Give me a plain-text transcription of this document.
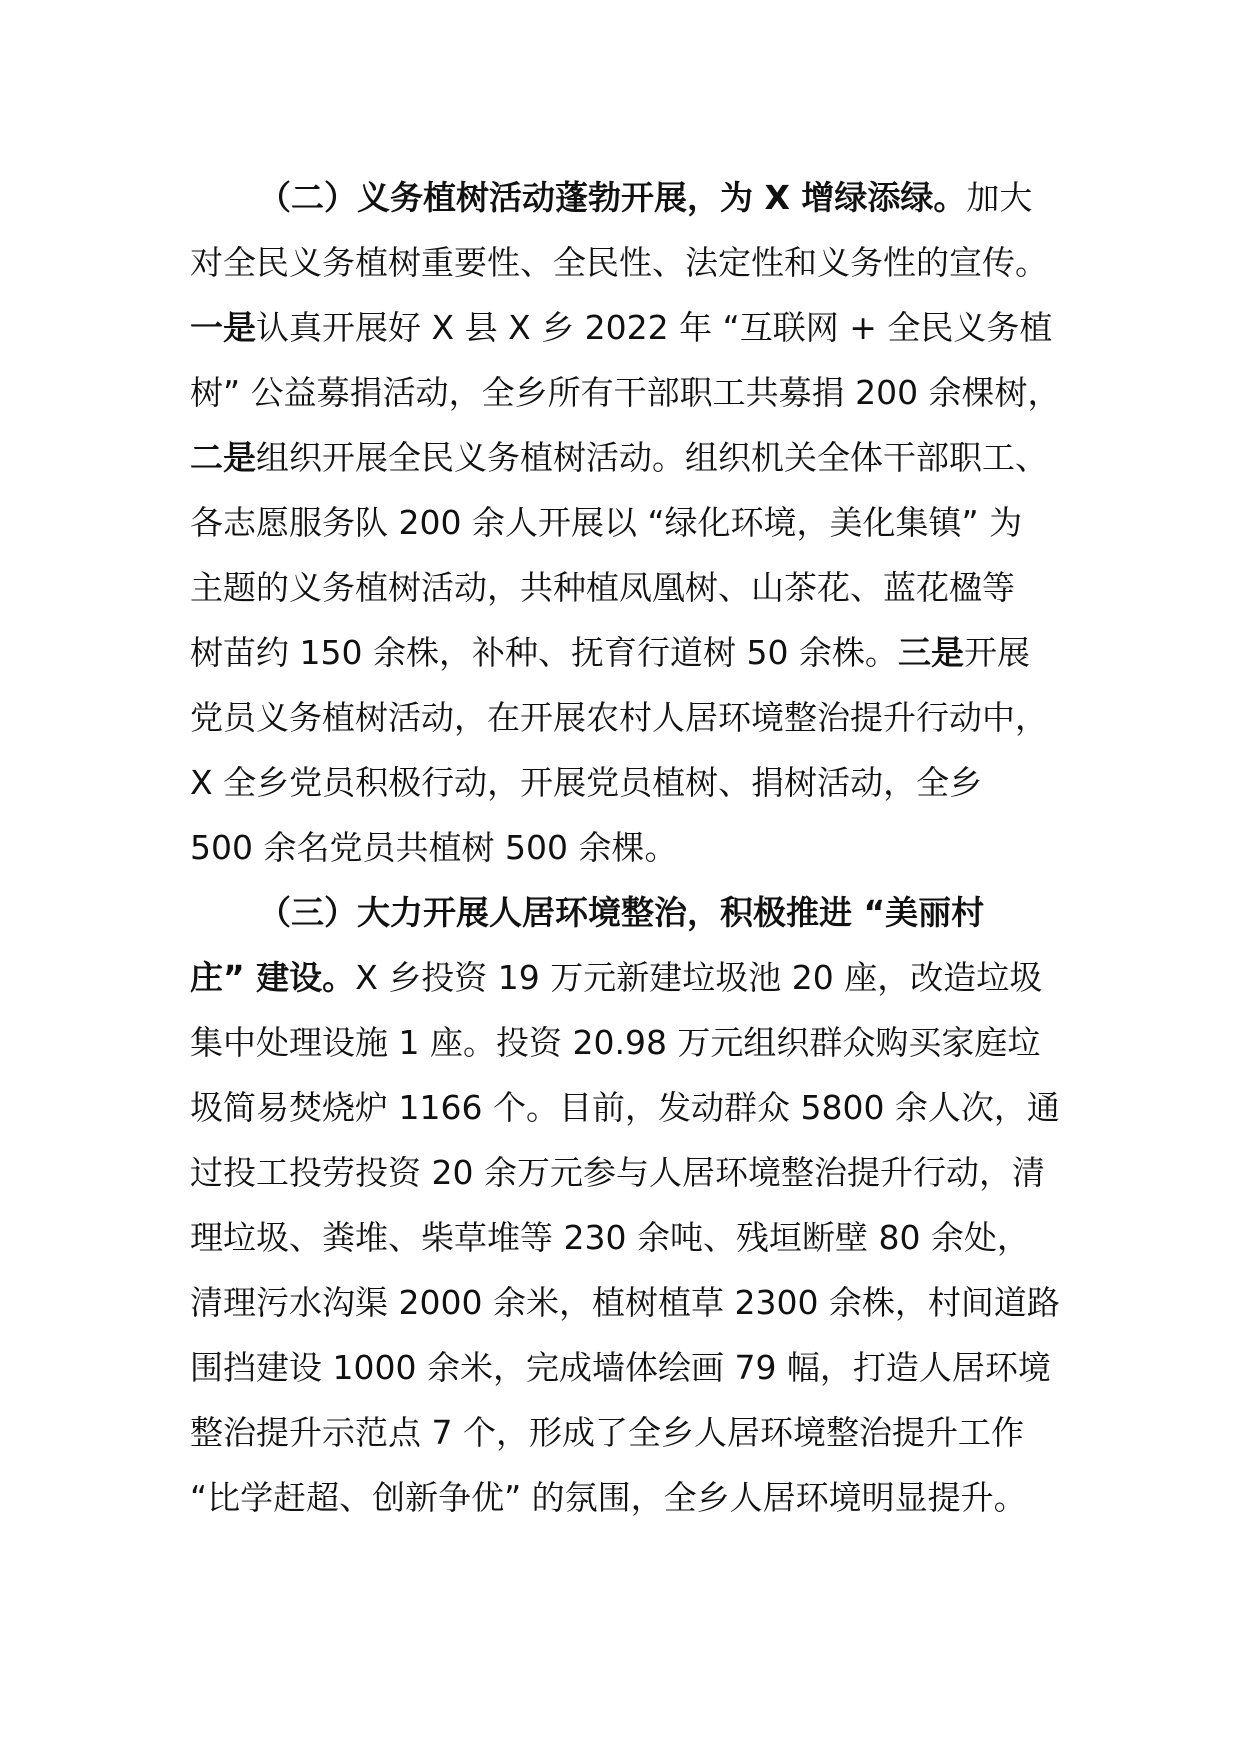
（二）义务植树活动蓬勃开展，为 X 增绿添绿。加大
对全民义务植树重要性、全民性、法定性和义务性的宣传。
一是认真开展好 X 县 X 乡 2022 年 “互联网 + 全民义务植
树” 公益募捐活动，全乡所有干部职工共募捐 200 余棵树，
二是组织开展全民义务植树活动。组织机关全体干部职工、
各志愿服务队 200 余人开展以 “绿化环境，美化集镇” 为
主题的义务植树活动，共种植凤凰树、山茶花、蓝花楹等
树苗约 150 余株，补种、抚育行道树 50 余株。三是开展
党员义务植树活动，在开展农村人居环境整治提升行动中，
X 全乡党员积极行动，开展党员植树、捐树活动，全乡
500 余名党员共植树 500 余棵。
（三）大力开展人居环境整治，积极推进 “美丽村
庄” 建设。X 乡投资 19 万元新建垃圾池 20 座，改造垃圾
集中处理设施 1 座。投资 20.98 万元组织群众购买家庭垃
圾简易焚烧炉 1166 个。目前，发动群众 5800 余人次，通
过投工投劳投资 20 余万元参与人居环境整治提升行动，清
理垃圾、粪堆、柴草堆等 230 余吨、残垣断壁 80 余处，
清理污水沟渠 2000 余米，植树植草 2300 余株，村间道路
围挡建设 1000 余米，完成墙体绘画 79 幅，打造人居环境
整治提升示范点 7 个，形成了全乡人居环境整治提升工作
“比学赶超、创新争优” 的氛围，全乡人居环境明显提升。
